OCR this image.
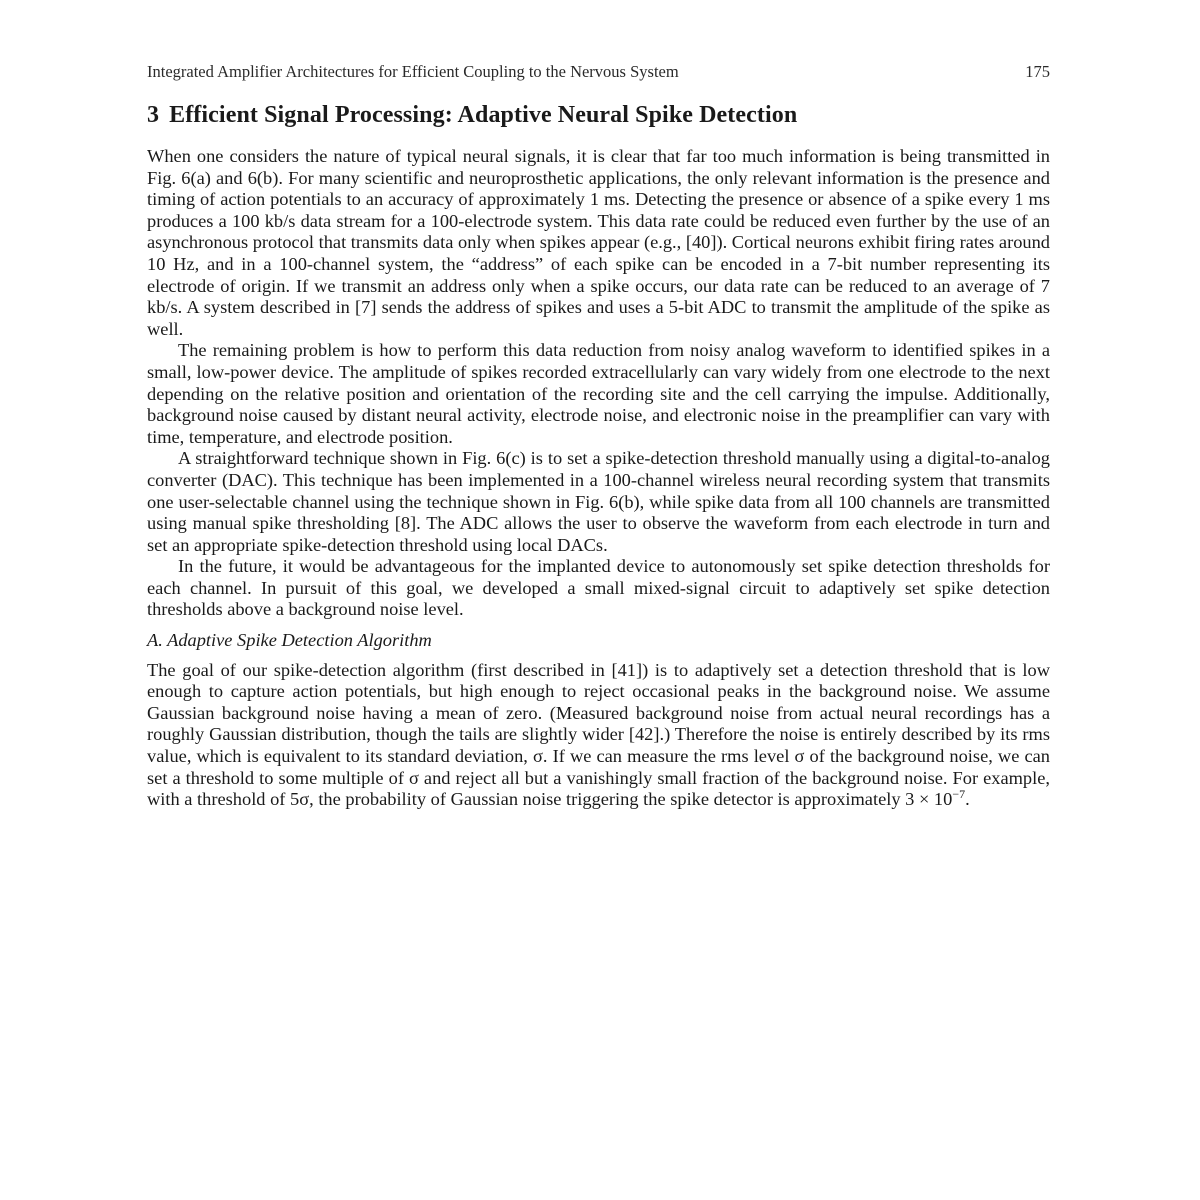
Integrated Amplifier Architectures for Efficient Coupling to the Nervous System	175
3 Efficient Signal Processing: Adaptive Neural Spike Detection

When one considers the nature of typical neural signals, it is clear that far too much information is being transmitted in Fig. 6(a) and 6(b). For many scientific and neuroprosthetic applications, the only relevant information is the presence and timing of action potentials to an accuracy of approximately 1 ms. Detecting the presence or absence of a spike every 1 ms produces a 100 kb/s data stream for a 100-electrode system. This data rate could be reduced even further by the use of an asynchronous protocol that transmits data only when spikes appear (e.g., [40]). Cortical neurons exhibit firing rates around 10 Hz, and in a 100-channel system, the “address” of each spike can be encoded in a 7-bit number representing its electrode of origin. If we transmit an address only when a spike occurs, our data rate can be reduced to an average of 7 kb/s. A system described in [7] sends the address of spikes and uses a 5-bit ADC to transmit the amplitude of the spike as well.

The remaining problem is how to perform this data reduction from noisy analog waveform to identified spikes in a small, low-power device. The amplitude of spikes recorded extracellularly can vary widely from one electrode to the next depending on the relative position and orientation of the recording site and the cell carrying the impulse. Additionally, background noise caused by distant neural activity, electrode noise, and electronic noise in the preamplifier can vary with time, temperature, and electrode position.

A straightforward technique shown in Fig. 6(c) is to set a spike-detection threshold manually using a digital-to-analog converter (DAC). This technique has been implemented in a 100-channel wireless neural recording system that transmits one user-selectable channel using the technique shown in Fig. 6(b), while spike data from all 100 channels are transmitted using manual spike thresholding [8]. The ADC allows the user to observe the waveform from each electrode in turn and set an appropriate spike-detection threshold using local DACs.

In the future, it would be advantageous for the implanted device to autonomously set spike detection thresholds for each channel. In pursuit of this goal, we developed a small mixed-signal circuit to adaptively set spike detection thresholds above a background noise level.

A. Adaptive Spike Detection Algorithm

The goal of our spike-detection algorithm (first described in [41]) is to adaptively set a detection threshold that is low enough to capture action potentials, but high enough to reject occasional peaks in the background noise. We assume Gaussian background noise having a mean of zero. (Measured background noise from actual neural recordings has a roughly Gaussian distribution, though the tails are slightly wider [42].) Therefore the noise is entirely described by its rms value, which is equivalent to its standard deviation, σ. If we can measure the rms level σ of the background noise, we can set a threshold to some multiple of σ and reject all but a vanishingly small fraction of the background noise. For example, with a threshold of 5σ, the probability of Gaussian noise triggering the spike detector is approximately $3 \times 10^{-7}$.
